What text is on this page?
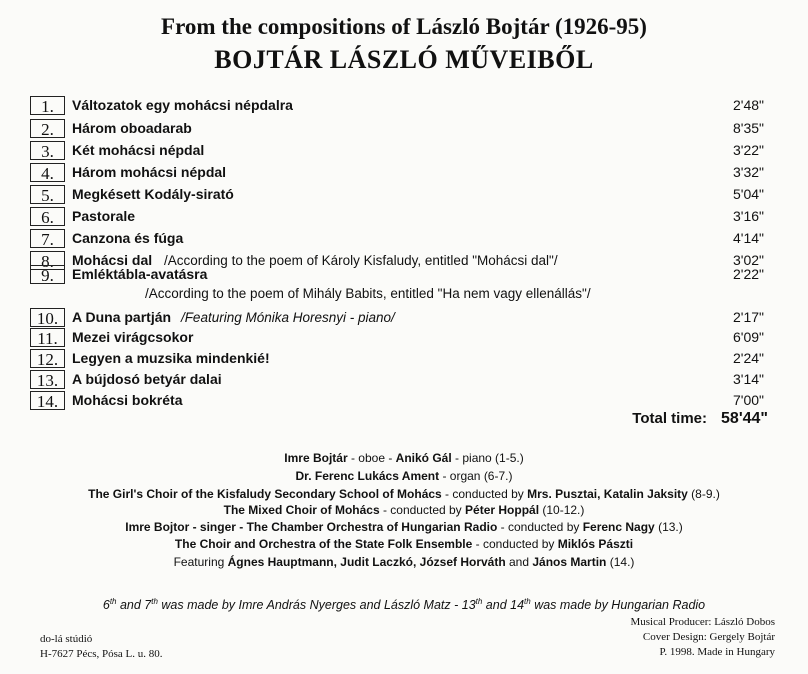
From the compositions of László Bojtár (1926-95)
BOJTÁR LÁSZLÓ MŰVEIBŐL
1.	Változatok egy mohácsi népdalra	2'48"
2.	Három oboadarab	8'35"
3.	Két mohácsi népdal	3'22"
4.	Három mohácsi népdal	3'32"
5.	Megkésett Kodály-sirató	5'04"
6.	Pastorale	3'16"
7.	Canzona és fúga	4'14"
8.	Mohácsi dal /According to the poem of Károly Kisfaludy, entitled "Mohácsi dal"/	3'02"
9.	Emléktábla-avatásra	2'22"
/According to the poem of Mihály Babits, entitled "Ha nem vagy ellenállás"/
10. A Duna partján /Featuring Mónika Horesnyi - piano/	2'17"
11.	Mezei virágcsokor	6'09"
12. Legyen a muzsika mindenkié!	2'24"
13. A bújdosó betyár dalai	3'14"
14. Mohácsi bokréta	7'00"
Total time: 58'44"
Imre Bojtár - oboe - Anikó Gál - piano (1-5.)
Dr. Ferenc Lukács Ament - organ (6-7.)
The Girl's Choir of the Kisfaludy Secondary School of Mohács - conducted by Mrs. Pusztai, Katalin Jaksity (8-9.)
The Mixed Choir of Mohács - conducted by Péter Hoppál (10-12.)
Imre Bojtor - singer - The Chamber Orchestra of Hungarian Radio - conducted by Ferenc Nagy (13.)
The Choir and Orchestra of the State Folk Ensemble - conducted by Miklós Pászti
Featuring Ágnes Hauptmann, Judit Laczkó, József Horváth and János Martin (14.)
6th and 7th was made by Imre András Nyerges and László Matz - 13th and 14th was made by Hungarian Radio
do-lá stúdió
H-7627 Pécs, Pósa L. u. 80.
Musical Producer: László Dobos
Cover Design: Gergely Bojtár
P. 1998. Made in Hungary
